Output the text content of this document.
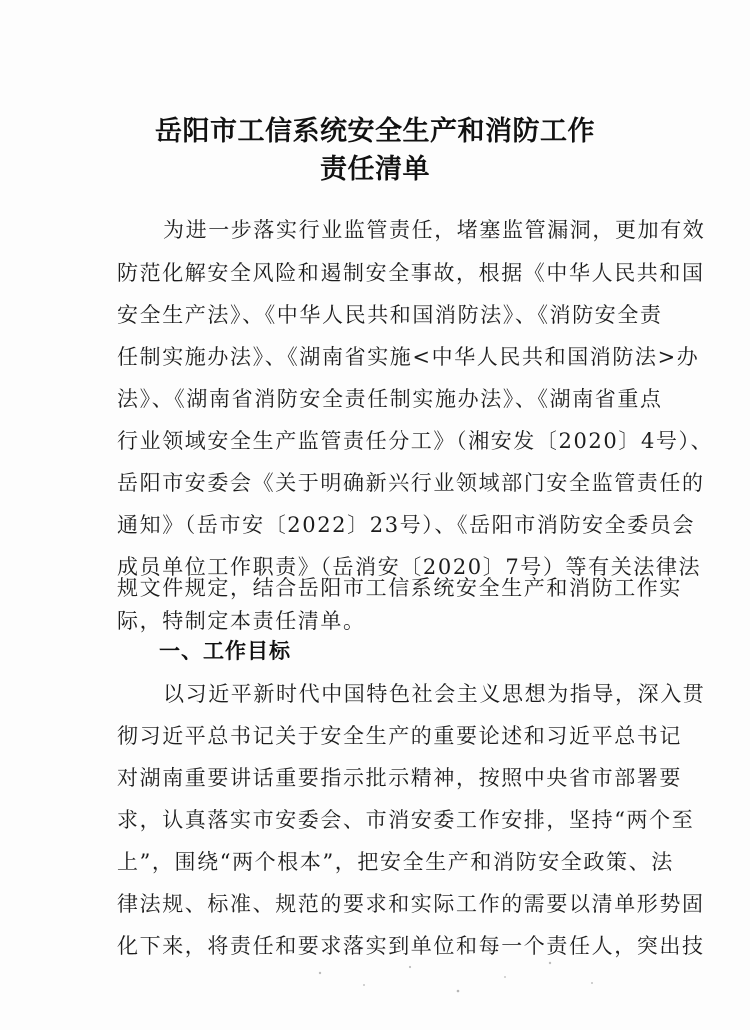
岳阳市工信系统安全生产和消防工作
责任清单
为进一步落实行业监管责任，堵塞监管漏洞，更加有效
防范化解安全风险和遏制安全事故，根据《中华人民共和国
安全生产法》、《中华人民共和国消防法》、《消防安全责
任制实施办法》、《湖南省实施<中华人民共和国消防法>办
法》、《湖南省消防安全责任制实施办法》、《湖南省重点
行业领域安全生产监管责任分工》（湘安发〔2020〕4号）、
岳阳市安委会《关于明确新兴行业领域部门安全监管责任的
通知》（岳市安〔2022〕23号）、《岳阳市消防安全委员会
成员单位工作职责》（岳消安〔2020〕7号）等有关法律法
规文件规定，结合岳阳市工信系统安全生产和消防工作实
一、工作目标
以习近平新时代中国特色社会主义思想为指导，深入贯
彻习近平总书记关于安全生产的重要论述和习近平总书记
对湖南重要讲话重要指示批示精神，按照中央省市部署要
求，认真落实市安委会、市消安委工作安排，坚持“两个至
上”，围绕“两个根本”，把安全生产和消防安全政策、法
律法规、标准、规范的要求和实际工作的需要以清单形势固
化下来，将责任和要求落实到单位和每一个责任人，突出技
际，特制定本责任清单。
